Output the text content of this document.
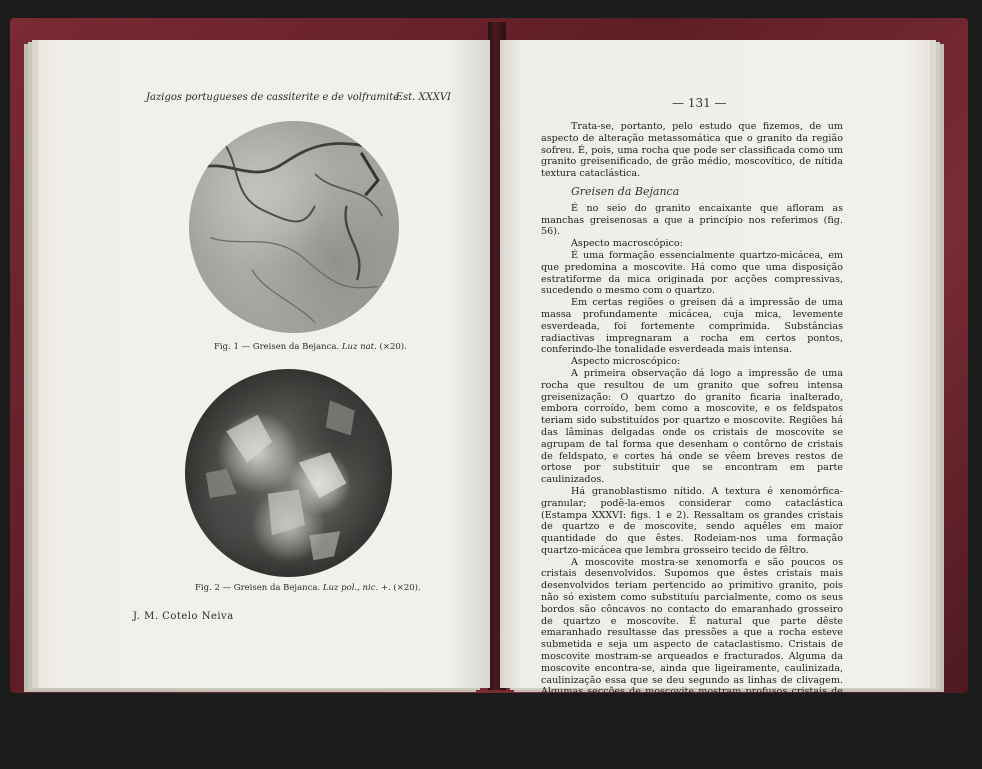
Jazigos portugueses de cassiterite e de volframite
Est. XXXVI
Fig. 1 — Greisen da Bejanca. Luz nat. (×20).
Fig. 2 — Greisen da Bejanca. Luz pol., nic. +. (×20).
J. M. Cotelo Neiva
— 131 —

Trata-se, portanto, pelo estudo que fizemos, de um aspecto de alteração metassomática que o granito da região sofreu. É, pois, uma rocha que pode ser classificada como um granito greisenificado, de grão médio, moscovítico, de nítida textura cataclástica.

Greisen da Bejanca

É no seio do granito encaixante que afloram as manchas greisenosas a que a princípio nos referimos (fig. 56).

Aspecto macroscópico:

É uma formação essencialmente quartzo-micácea, em que predomina a moscovite. Há como que uma disposição estratiforme da mica originada por acções compressivas, sucedendo o mesmo com o quartzo.

Em certas regiões o greisen dá a impressão de uma massa profundamente micácea, cuja mica, levemente esverdeada, foi fortemente comprimida. Substâncias radiactivas impregnaram a rocha em certos pontos, conferindo-lhe tonalidade esverdeada mais intensa.

Aspecto microscópico:

A primeira observação dá logo a impressão de uma rocha que resultou de um granito que sofreu intensa greisenização: O quartzo do granito ficaria inalterado, embora corroído, bem como a moscovite, e os feldspatos teriam sido substituídos por quartzo e moscovite. Regiões há das lâminas delgadas onde os cristais de moscovite se agrupam de tal forma que desenham o contôrno de cristais de feldspato, e cortes há onde se vêem breves restos de ortose por substituir que se encontram em parte caulinizados.

Há granoblastismo nítido. A textura é xenomórfica-granular; podê-la-emos considerar como cataclástica (Estampa XXXVI: figs. 1 e 2). Ressaltam os grandes cristais de quartzo e de moscovite, sendo aquêles em maior quantidade do que êstes. Rodeiam-nos uma formação quartzo-micácea que lembra grosseiro tecido de fêltro.

A moscovite mostra-se xenomorfa e são poucos os cristais desenvolvidos. Supomos que êstes cristais mais desenvolvidos teriam pertencido ao primitivo granito, pois não só existem como substituíu parcialmente, como os seus bordos são côncavos no contacto do emaranhado grosseiro de quartzo e moscovite. É natural que parte dêste emaranhado resultasse das pressões a que a rocha esteve submetida e seja um aspecto de cataclastismo. Cristais de moscovite mostram-se arqueados e fracturados. Alguma da moscovite encontra-se, ainda que ligeiramente, caulinizada, caulinização essa que se deu segundo as linhas de clivagem. Algumas secções de moscovite mostram profusos cristais de zircão com auréolas esverdeadas fortemente pleocróicas. A moscovite contém também algumas inclusões irregulares de apatite. Há inclusões de moscovite no quartzo, e, embora mais raramente, encontra-se quartzo incluso na moscovite. Soluções ferríferas impregnaram a moscovite deixando nas fracturas e clivagens depósitos de óxidos de ferro.
